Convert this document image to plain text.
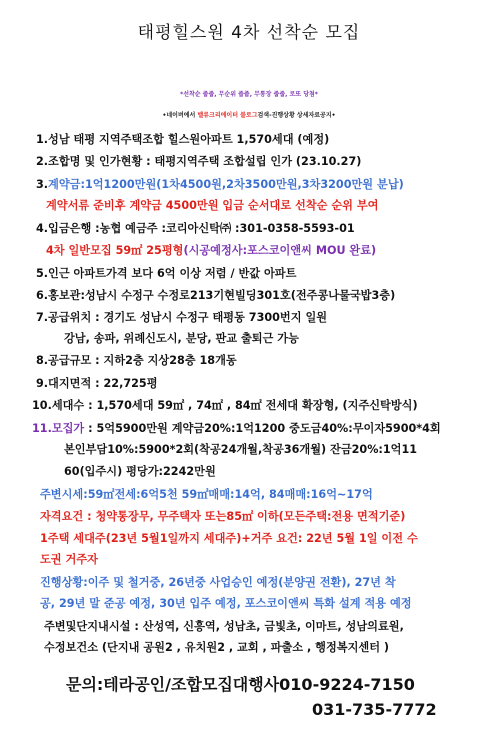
태평힐스원 4차 선착순 모집
*선착순 줍줍, 무순위 줍줍, 무통장 줍줍, 로또 당첨*
•네이버에서 밸류크리에이터 블로그검색-진행상황 상세자료공지•
1.성남 태평 지역주택조합 힐스원아파트 1,570세대 (예정)
2.조합명 및 인가현황 : 태평지역주택 조합설립 인가 (23.10.27)
3.계약금:1억1200만원(1차4500원,2차3500만원,3차3200만원 분납)
계약서류 준비후 계약금 4500만원 입금 순서대로 선착순 순위 부여
4.입금은행 :농협 예금주 :코리아신탁㈜ :301-0358-5593-01
4차 일반모집 59㎡ 25평형(시공예정사:포스코이앤씨 MOU 완료)
5.인근 아파트가격 보다 6억 이상 저렴 / 반값 아파트
6.홍보관:성남시 수정구 수정로213기현빌딩301호(전주콩나물국밥3층)
7.공급위치 : 경기도 성남시 수정구 태평동 7300번지 일원
강남, 송파, 위례신도시, 분당, 판교 출퇴근 가능
8.공급규모 : 지하2층 지상28층 18개동
9.대지면적 : 22,725평
10.세대수 : 1,570세대 59㎡ , 74㎡ , 84㎡ 전세대 확장형, (지주신탁방식)
11.모집가 : 5억5900만원 계약금20%:1억1200 중도금40%:무이자5900*4회
본인부담10%:5900*2회(착공24개월,착공36개월) 잔금20%:1억11
60(입주시) 평당가:2242만원
주변시세:59㎡전세:6억5천 59㎡매매:14억, 84매매:16억~17억
자격요건 : 청약통장무, 무주택자 또는85㎡ 이하(모든주택:전용 면적기준)
1주택 세대주(23년 5월1일까지 세대주)+거주 요건: 22년 5월 1일 이전 수
도권 거주자
진행상황:이주 및 철거중, 26년중 사업승인 예정(분양권 전환), 27년 착
공, 29년 말 준공 예정, 30년 입주 예정, 포스코이앤씨 특화 설계 적용 예정
주변및단지내시설 : 산성역, 신흥역, 성남초, 금빛초, 이마트, 성남의료원,
수정보건소 (단지내 공원2 , 유치원2 , 교회 , 파출소 , 행정복지센터 )
문의:테라공인/조합모집대행사010-9224-7150
031-735-7772
